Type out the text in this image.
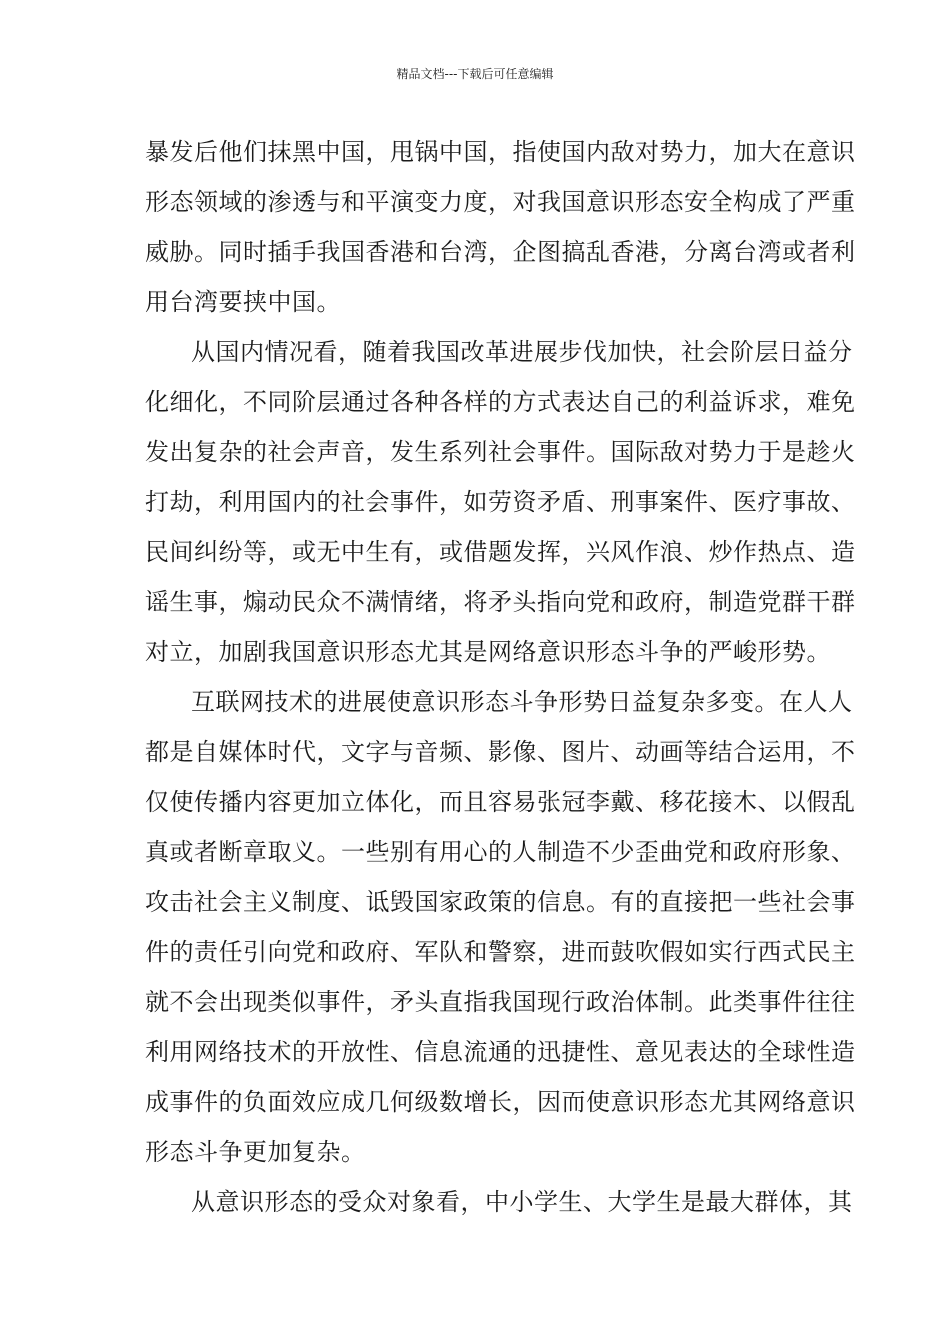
精品文档---下载后可任意编辑
暴发后他们抹黑中国，甩锅中国，指使国内敌对势力，加大在意识
形态领域的渗透与和平演变力度，对我国意识形态安全构成了严重
威胁。同时插手我国香港和台湾，企图搞乱香港，分离台湾或者利
用台湾要挟中国。
从国内情况看，随着我国改革进展步伐加快，社会阶层日益分
化细化，不同阶层通过各种各样的方式表达自己的利益诉求，难免
发出复杂的社会声音，发生系列社会事件。国际敌对势力于是趁火
打劫，利用国内的社会事件，如劳资矛盾、刑事案件、医疗事故、
民间纠纷等，或无中生有，或借题发挥，兴风作浪、炒作热点、造
谣生事，煽动民众不满情绪，将矛头指向党和政府，制造党群干群
对立，加剧我国意识形态尤其是网络意识形态斗争的严峻形势。
互联网技术的进展使意识形态斗争形势日益复杂多变。在人人
都是自媒体时代，文字与音频、影像、图片、动画等结合运用，不
仅使传播内容更加立体化，而且容易张冠李戴、移花接木、以假乱
真或者断章取义。一些别有用心的人制造不少歪曲党和政府形象、
攻击社会主义制度、诋毁国家政策的信息。有的直接把一些社会事
件的责任引向党和政府、军队和警察，进而鼓吹假如实行西式民主
就不会出现类似事件，矛头直指我国现行政治体制。此类事件往往
利用网络技术的开放性、信息流通的迅捷性、意见表达的全球性造
成事件的负面效应成几何级数增长，因而使意识形态尤其网络意识
形态斗争更加复杂。
从意识形态的受众对象看，中小学生、大学生是最大群体，其
